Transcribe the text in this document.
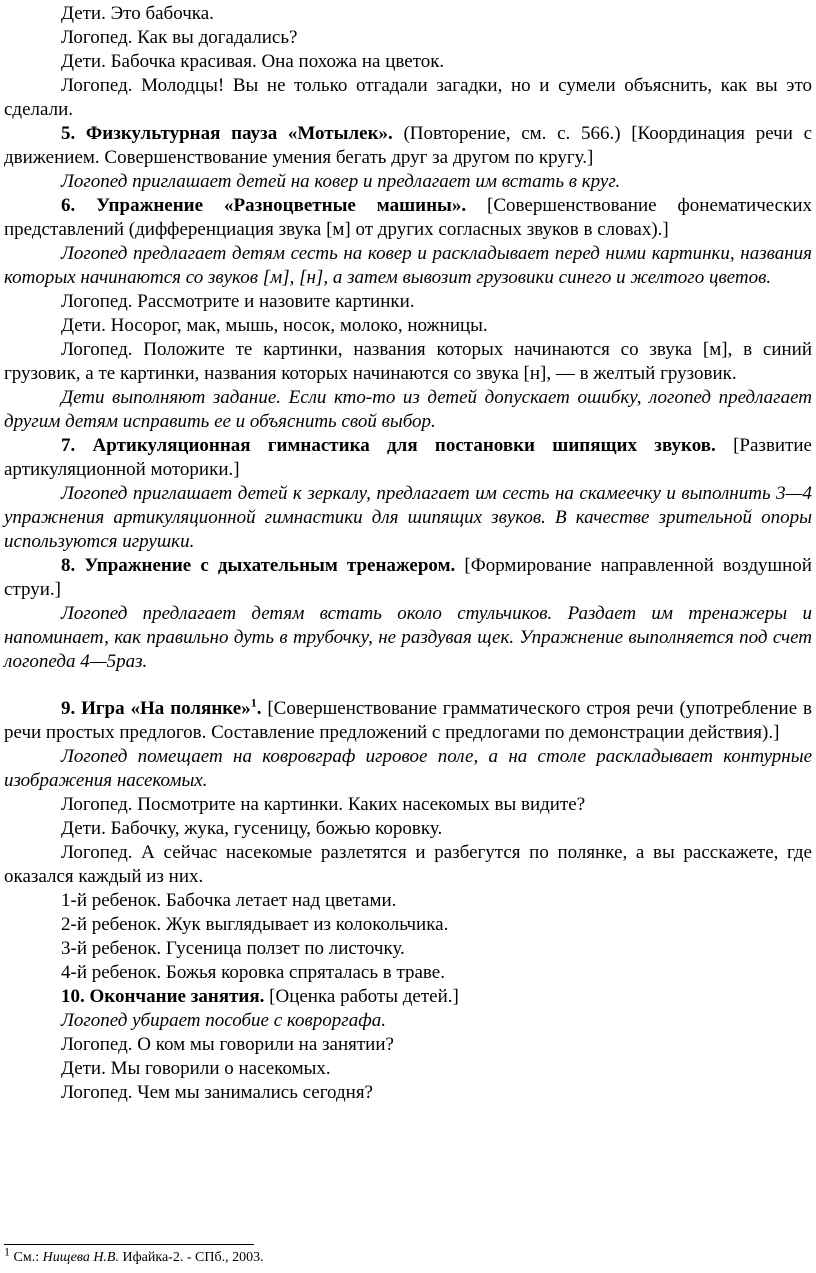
Дети. Это бабочка.

Логопед. Как вы догадались?

Дети. Бабочка красивая. Она похожа на цветок.

Логопед. Молодцы! Вы не только отгадали загадки, но и сумели объяснить, как вы это сделали.

5. Физкультурная пауза «Мотылек». (Повторение, см. с. 566.) [Координация речи с движением. Совершенствование умения бегать друг за другом по кругу.]

Логопед приглашает детей на ковер и предлагает им встать в круг.

6. Упражнение «Разноцветные машины». [Совершенствование фонематических представлений (дифференциация звука [м] от других согласных звуков в словах).]

Логопед предлагает детям сесть на ковер и раскладывает перед ними картинки, названия которых начинаются со звуков [м], [н], а затем вывозит грузовики синего и желтого цветов.

Логопед. Рассмотрите и назовите картинки.

Дети. Носорог, мак, мышь, носок, молоко, ножницы.

Логопед. Положите те картинки, названия которых начинаются со звука [м], в синий грузовик, а те картинки, названия которых начинаются со звука [н], — в желтый грузовик.

Дети выполняют задание. Если кто-то из детей допускает ошибку, логопед предлагает другим детям исправить ее и объяснить свой выбор.

7. Артикуляционная гимнастика для постановки шипящих звуков. [Развитие артикуляционной моторики.]

Логопед приглашает детей к зеркалу, предлагает им сесть на скамеечку и выполнить 3—4 упражнения артикуляционной гимнастики для шипящих звуков. В качестве зрительной опоры используются игрушки.

8. Упражнение с дыхательным тренажером. [Формирование направленной воздушной струи.]

Логопед предлагает детям встать около стульчиков. Раздает им тренажеры и напоминает, как правильно дуть в трубочку, не раздувая щек. Упражнение выполняется под счет логопеда 4—5раз.

9. Игра «На полянке»$^1$. [Совершенствование грамматического строя речи (употребление в речи простых предлогов. Составление предложений с предлогами по демонстрации действия).]

Логопед помещает на ковровграф игровое поле, а на столе раскладывает контурные изображения насекомых.

Логопед. Посмотрите на картинки. Каких насекомых вы видите?

Дети. Бабочку, жука, гусеницу, божью коровку.

Логопед. А сейчас насекомые разлетятся и разбегутся по полянке, а вы расскажете, где оказался каждый из них.

1-й ребенок. Бабочка летает над цветами.

2-й ребенок. Жук выглядывает из колокольчика.

3-й ребенок. Гусеница ползет по листочку.

4-й ребенок. Божья коровка спряталась в траве.

10. Окончание занятия. [Оценка работы детей.]

Логопед убирает пособие с ковроргафа.

Логопед. О ком мы говорили на занятии?

Дети. Мы говорили о насекомых.

Логопед. Чем мы занимались сегодня?

$^1$ См.: Нищева Н.В. Ифайка-2. - СПб., 2003.
